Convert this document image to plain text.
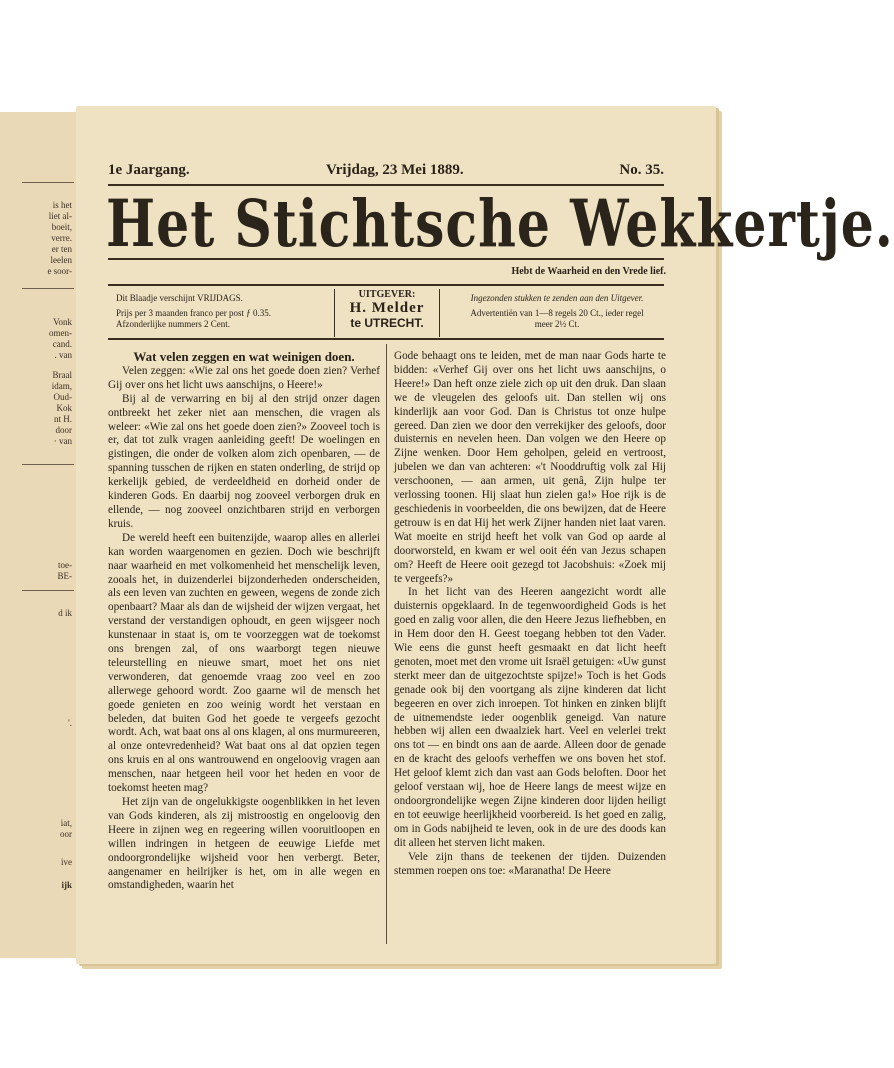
is het
liet al-
boeit,
verre.
er ten
leelen
e soor-
Vonk
omen-
cand.
. van
Braal
idam,
Oud-
Kok
nt H.
door
· van
toe-
BE-
d ik
'.
iat,
oor
ive
ijk
1e Jaargang.	Vrijdag, 23 Mei 1889.	No. 35.
Het Stichtsche Wekkertje.
Hebt de Waarheid en den Vrede lief.
Dit Blaadje verschijnt VRIJDAGS.
Prijs per 3 maanden franco per post ƒ 0.35.
Afzonderlijke nummers 2 Cent.
UITGEVER:
H. Melder
te UTRECHT.
Ingezonden stukken te zenden aan den Uitgever.
Advertentiën van 1—8 regels 20 Ct., ieder regel
meer 2½ Ct.
Wat velen zeggen en wat weinigen doen.

Velen zeggen: «Wie zal ons het goede doen zien? Verhef Gij over ons het licht uws aanschijns, o Heere!»

Bij al de verwarring en bij al den strijd onzer dagen ontbreekt het zeker niet aan menschen, die vragen als weleer: «Wie zal ons het goede doen zien?» Zooveel toch is er, dat tot zulk vragen aanleiding geeft! De woelingen en gistingen, die onder de volken alom zich openbaren, — de spanning tusschen de rijken en staten onderling, de strijd op kerkelijk gebied, de verdeeldheid en dorheid onder de kinderen Gods. En daarbij nog zooveel verborgen druk en ellende, — nog zooveel onzichtbaren strijd en verborgen kruis.

De wereld heeft een buitenzijde, waarop alles en allerlei kan worden waargenomen en gezien. Doch wie beschrijft naar waarheid en met volkomenheid het menschelijk leven, zooals het, in duizenderlei bijzonderheden onderscheiden, als een leven van zuchten en geween, wegens de zonde zich openbaart? Maar als dan de wijsheid der wijzen vergaat, het verstand der verstandigen ophoudt, en geen wijsgeer noch kunstenaar in staat is, om te voorzeggen wat de toekomst ons brengen zal, of ons waarborgt tegen nieuwe teleurstelling en nieuwe smart, moet het ons niet verwonderen, dat genoemde vraag zoo veel en zoo allerwege gehoord wordt. Zoo gaarne wil de mensch het goede genieten en zoo weinig wordt het verstaan en beleden, dat buiten God het goede te vergeefs gezocht wordt. Ach, wat baat ons al ons klagen, al ons murmureeren, al onze ontevredenheid? Wat baat ons al dat opzien tegen ons kruis en al ons wantrouwend en ongeloovig vragen aan menschen, naar hetgeen heil voor het heden en voor de toekomst heeten mag?

Het zijn van de ongelukkigste oogenblikken in het leven van Gods kinderen, als zij mistroostig en ongeloovig den Heere in zijnen weg en regeering willen vooruitloopen en willen indringen in hetgeen de eeuwige Liefde met ondoorgrondelijke wijsheid voor hen verbergt. Beter, aangenamer en heilrijker is het, om in alle wegen en omstandigheden, waarin het

Gode behaagt ons te leiden, met de man naar Gods harte te bidden: «Verhef Gij over ons het licht uws aanschijns, o Heere!» Dan heft onze ziele zich op uit den druk. Dan slaan we de vleugelen des geloofs uit. Dan stellen wij ons kinderlijk aan voor God. Dan is Christus tot onze hulpe gereed. Dan zien we door den verrekijker des geloofs, door duisternis en nevelen heen. Dan volgen we den Heere op Zijne wenken. Door Hem geholpen, geleid en vertroost, jubelen we dan van achteren: «'t Nooddruftig volk zal Hij verschoonen, — aan armen, uit genâ, Zijn hulpe ter verlossing toonen. Hij slaat hun zielen ga!» Hoe rijk is de geschiedenis in voorbeelden, die ons bewijzen, dat de Heere getrouw is en dat Hij het werk Zijner handen niet laat varen. Wat moeite en strijd heeft het volk van God op aarde al doorworsteld, en kwam er wel ooit één van Jezus schapen om? Heeft de Heere ooit gezegd tot Jacobshuis: «Zoek mij te vergeefs?»

In het licht van des Heeren aangezicht wordt alle duisternis opgeklaard. In de tegenwoordigheid Gods is het goed en zalig voor allen, die den Heere Jezus liefhebben, en in Hem door den H. Geest toegang hebben tot den Vader. Wie eens die gunst heeft gesmaakt en dat licht heeft genoten, moet met den vrome uit Israël getuigen: «Uw gunst sterkt meer dan de uitgezochtste spijze!» Toch is het Gods genade ook bij den voortgang als zijne kinderen dat licht begeeren en over zich inroepen. Tot hinken en zinken blijft de uitnemendste ieder oogenblik geneigd. Van nature hebben wij allen een dwaalziek hart. Veel en velerlei trekt ons tot — en bindt ons aan de aarde. Alleen door de genade en de kracht des geloofs verheffen we ons boven het stof. Het geloof klemt zich dan vast aan Gods beloften. Door het geloof verstaan wij, hoe de Heere langs de meest wijze en ondoorgrondelijke wegen Zijne kinderen door lijden heiligt en tot eeuwige heerlijkheid voorbereid. Is het goed en zalig, om in Gods nabijheid te leven, ook in de ure des doods kan dit alleen het sterven licht maken.

Vele zijn thans de teekenen der tijden. Duizenden stemmen roepen ons toe: «Maranatha! De Heere
